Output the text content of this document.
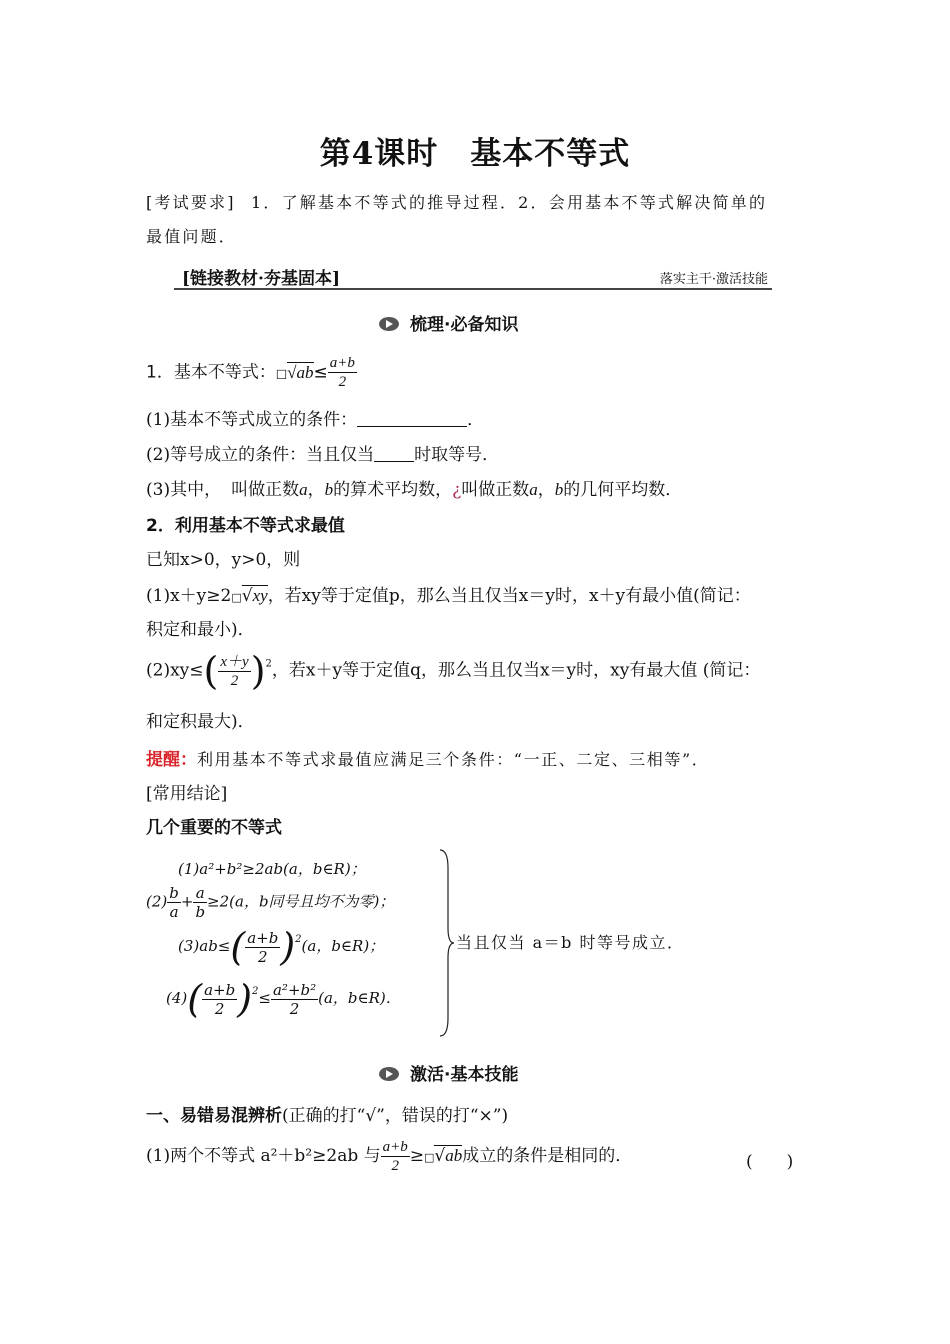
第4课时　基本不等式
[考试要求] 1．了解基本不等式的推导过程．2．会用基本不等式解决简单的
最值问题．
[链接教材·夯基固本]	落实主干·激活技能
梳理·必备知识
1．基本不等式：□√ab≤ $\frac{a+b}{2}$
(1)基本不等式成立的条件：	．
(2)等号成立的条件：当且仅当 时取等号．
(3)其中， 叫做正数a，b的算术平均数，¿叫做正数a，b的几何平均数．
2．利用基本不等式求最值
已知x>0，y>0，则
(1)x＋y≥2□√xy，若xy等于定值p，那么当且仅当x＝y时，x＋y有最小值(简记：
积定和最小)．
$(2)xy\le( \frac{x+y}{2} )^2$，若x＋y等于定值q，那么当且仅当x＝y时，xy有最大值 (简记：
和定积最大)．
提醒：利用基本不等式求最值应满足三个条件：“一正、二定、三相等”．
[常用结论]
几个重要的不等式
(1)a²+b²≥2ab(a，b∈R)；
$(2) \frac{b}{a} + \frac{a}{b} \ge 2(a$，b同号且均不为零)；
$(3)ab\le( \frac{a+b}{2} )^2(a$，b∈R)；
$(4)( \frac{a+b}{2} )^2\le \frac{\text{a²+b²}}{2} (a$，b∈R)．
当且仅当 a＝b 时等号成立．
激活·基本技能
一、易错易混辨析(正确的打“√”，错误的打“×”)
(1)两个不等式 a²＋b²≥2ab 与 $\frac{a+b}{2}$ ≥□√ab成立的条件是相同的．	(　　)
